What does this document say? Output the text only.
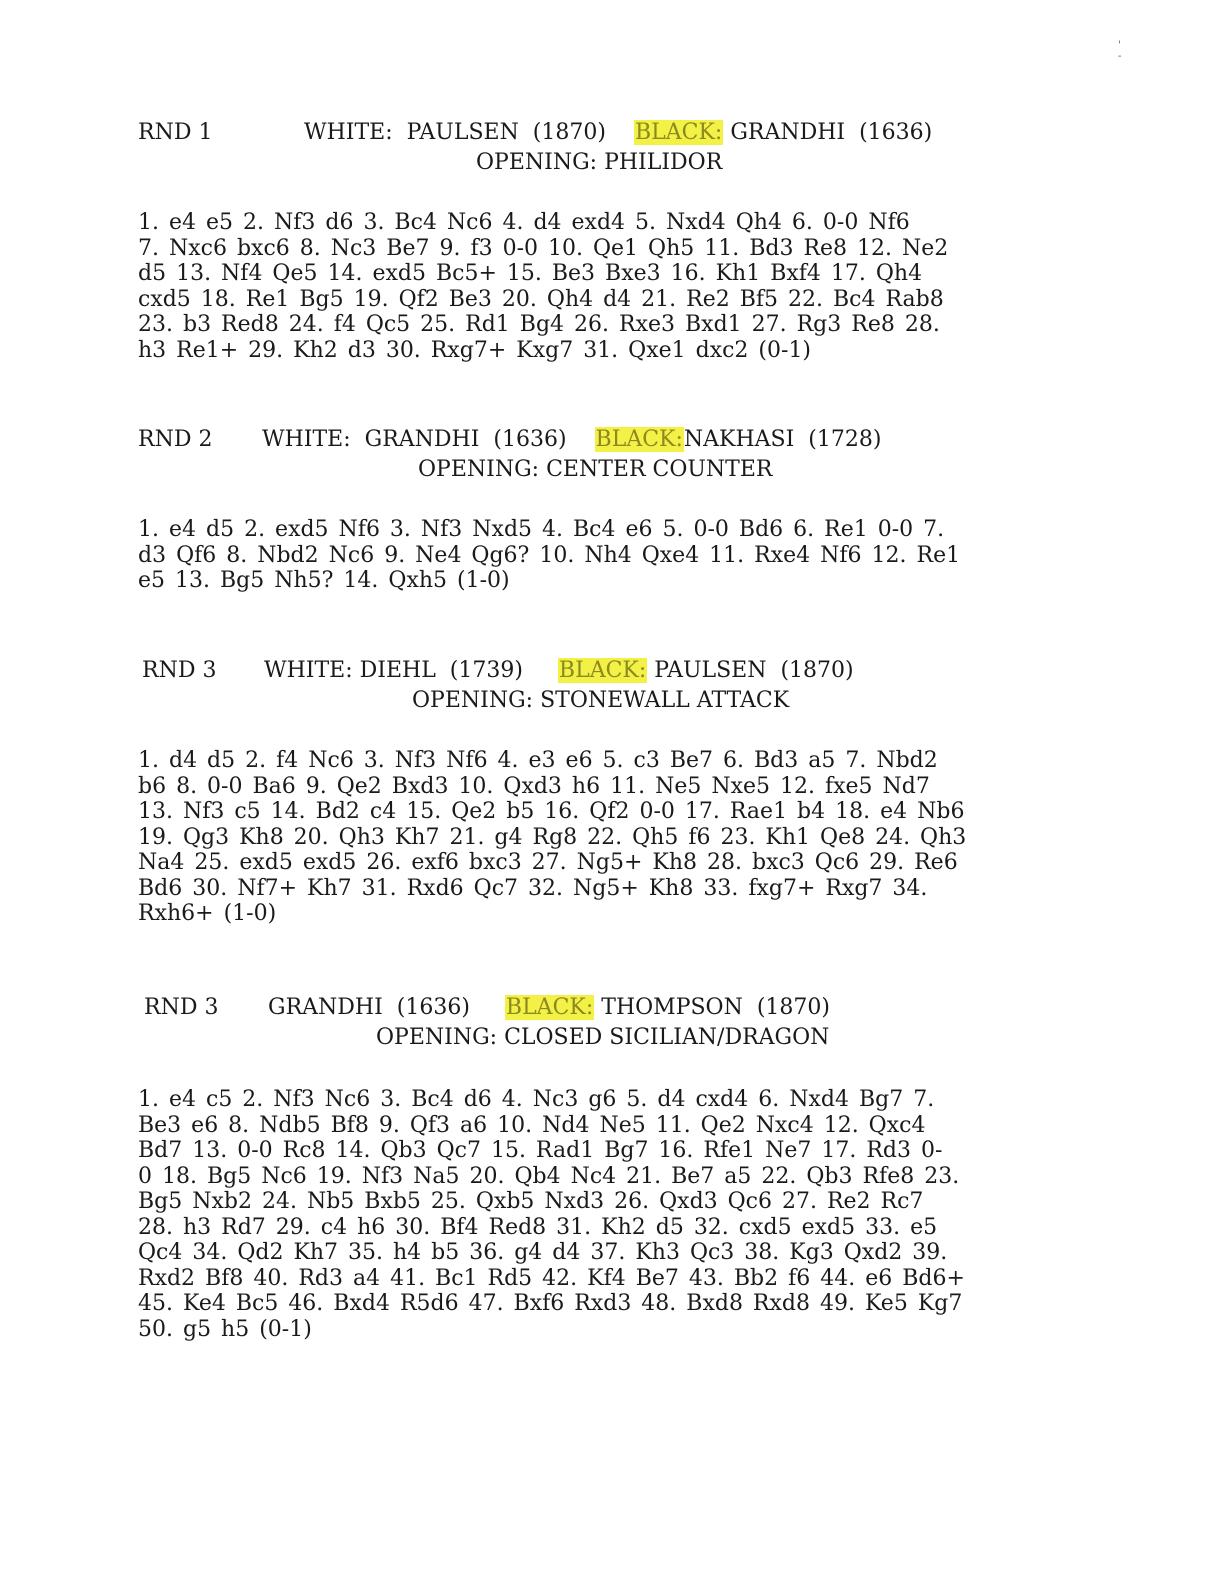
' -
RND 1	WHITE:  PAULSEN  (1870) BLACK: GRANDHI  (1636)
OPENING: PHILIDOR
1. e4 e5 2. Nf3 d6 3. Bc4 Nc6 4. d4 exd4 5. Nxd4 Qh4 6. 0-0 Nf6
7. Nxc6 bxc6 8. Nc3 Be7 9. f3 0-0 10. Qe1 Qh5 11. Bd3 Re8 12. Ne2
d5 13. Nf4 Qe5 14. exd5 Bc5+ 15. Be3 Bxe3 16. Kh1 Bxf4 17. Qh4
cxd5 18. Re1 Bg5 19. Qf2 Be3 20. Qh4 d4 21. Re2 Bf5 22. Bc4 Rab8
23. b3 Red8 24. f4 Qc5 25. Rd1 Bg4 26. Rxe3 Bxd1 27. Rg3 Re8 28.
h3 Re1+ 29. Kh2 d3 30. Rxg7+ Kxg7 31. Qxe1 dxc2 (0-1)
RND 2 WHITE:  GRANDHI  (1636) BLACK:NAKHASI  (1728)
OPENING: CENTER COUNTER
1. e4 d5 2. exd5 Nf6 3. Nf3 Nxd5 4. Bc4 e6 5. 0-0 Bd6 6. Re1 0-0 7.
d3 Qf6 8. Nbd2 Nc6 9. Ne4 Qg6? 10. Nh4 Qxe4 11. Rxe4 Nf6 12. Re1
e5 13. Bg5 Nh5? 14. Qxh5 (1-0)
RND 3 WHITE: DIEHL  (1739) BLACK: PAULSEN  (1870)
OPENING: STONEWALL ATTACK
1. d4 d5 2. f4 Nc6 3. Nf3 Nf6 4. e3 e6 5. c3 Be7 6. Bd3 a5 7. Nbd2
b6 8. 0-0 Ba6 9. Qe2 Bxd3 10. Qxd3 h6 11. Ne5 Nxe5 12. fxe5 Nd7
13. Nf3 c5 14. Bd2 c4 15. Qe2 b5 16. Qf2 0-0 17. Rae1 b4 18. e4 Nb6
19. Qg3 Kh8 20. Qh3 Kh7 21. g4 Rg8 22. Qh5 f6 23. Kh1 Qe8 24. Qh3
Na4 25. exd5 exd5 26. exf6 bxc3 27. Ng5+ Kh8 28. bxc3 Qc6 29. Re6
Bd6 30. Nf7+ Kh7 31. Rxd6 Qc7 32. Ng5+ Kh8 33. fxg7+ Rxg7 34.
Rxh6+ (1-0)
RND 3 GRANDHI  (1636) BLACK: THOMPSON  (1870)
OPENING: CLOSED SICILIAN/DRAGON
1. e4 c5 2. Nf3 Nc6 3. Bc4 d6 4. Nc3 g6 5. d4 cxd4 6. Nxd4 Bg7 7.
Be3 e6 8. Ndb5 Bf8 9. Qf3 a6 10. Nd4 Ne5 11. Qe2 Nxc4 12. Qxc4
Bd7 13. 0-0 Rc8 14. Qb3 Qc7 15. Rad1 Bg7 16. Rfe1 Ne7 17. Rd3 0-
0 18. Bg5 Nc6 19. Nf3 Na5 20. Qb4 Nc4 21. Be7 a5 22. Qb3 Rfe8 23.
Bg5 Nxb2 24. Nb5 Bxb5 25. Qxb5 Nxd3 26. Qxd3 Qc6 27. Re2 Rc7
28. h3 Rd7 29. c4 h6 30. Bf4 Red8 31. Kh2 d5 32. cxd5 exd5 33. e5
Qc4 34. Qd2 Kh7 35. h4 b5 36. g4 d4 37. Kh3 Qc3 38. Kg3 Qxd2 39.
Rxd2 Bf8 40. Rd3 a4 41. Bc1 Rd5 42. Kf4 Be7 43. Bb2 f6 44. e6 Bd6+
45. Ke4 Bc5 46. Bxd4 R5d6 47. Bxf6 Rxd3 48. Bxd8 Rxd8 49. Ke5 Kg7
50. g5 h5 (0-1)
